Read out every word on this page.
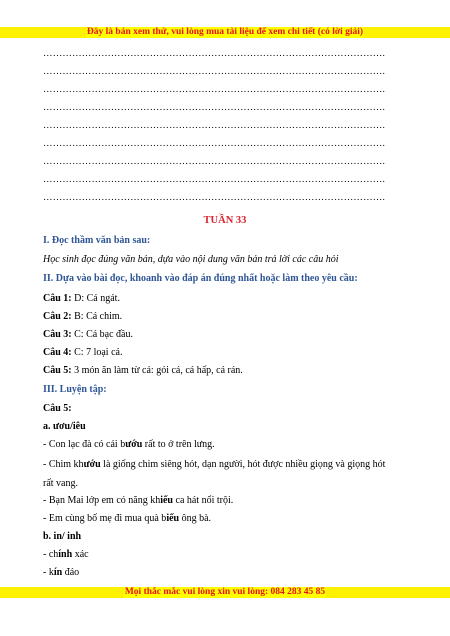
Đây là bản xem thử, vui lòng mua tài liệu để xem chi tiết (có lời giải)
…………………………………………………………………………………………….
…………………………………………………………………………………………….
…………………………………………………………………………………………….
…………………………………………………………………………………………….
…………………………………………………………………………………………….
…………………………………………………………………………………………….
…………………………………………………………………………………………….
…………………………………………………………………………………………….
…………………………………………………………………………………………….
TUẦN 33
I. Đọc thầm văn bản sau:
Học sinh đọc đúng văn bản, dựa vào nội dung văn bản trả lời các câu hỏi
II. Dựa vào bài đọc, khoanh vào đáp án đúng nhất hoặc làm theo yêu cầu:
Câu 1: D: Cá ngát.
Câu 2: B: Cá chim.
Câu 3: C: Cá bạc đầu.
Câu 4: C: 7 loại cá.
Câu 5: 3 món ăn làm từ cá: gỏi cá, cá hấp, cá rán.
III. Luyện tập:
Câu 5:
a. ươu/iêu
- Con lạc đà có cái bướu rất to ở trên lưng.
- Chim khướu là giống chim siêng hót, dạn người, hót được nhiều giọng và giọng hót rất vang.
- Bạn Mai lớp em có năng khiếu ca hát nổi trội.
- Em cùng bố mẹ đi mua quà biếu ông bà.
b. in/ inh
- chính xác
- kín đáo
Mọi thắc mắc vui lòng xin vui lòng: 084 283 45 85
